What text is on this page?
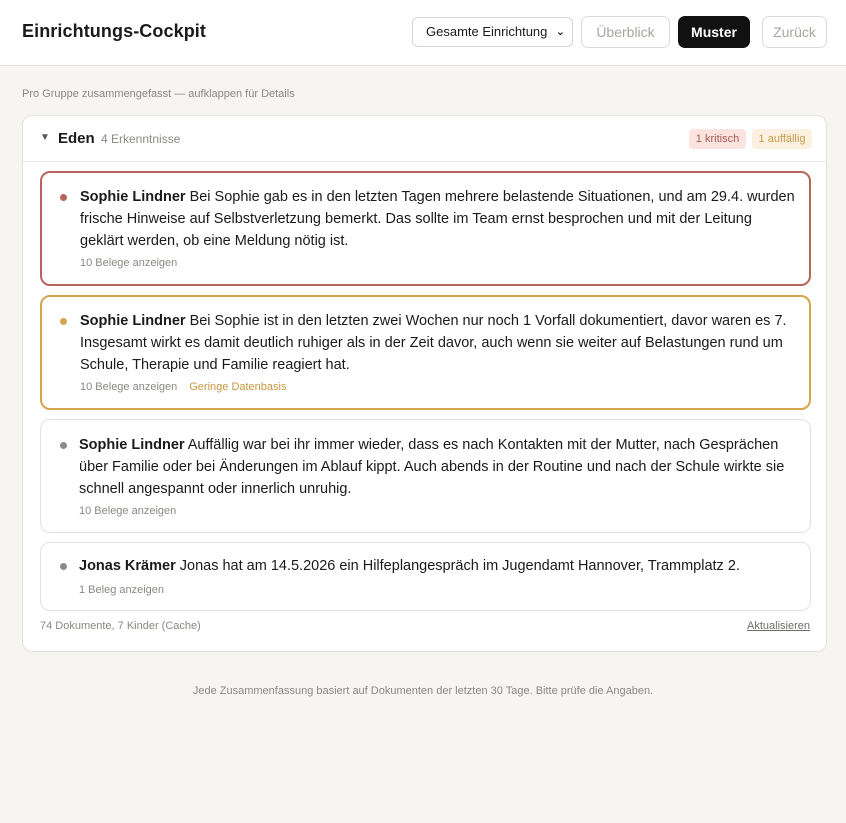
Einrichtungs-Cockpit	Gesamte Einrichtung ⌄	Überblick	Muster	Zurück
Pro Gruppe zusammengefasst — aufklappen für Details
▼ Eden 4 Erkenntnisse	1 kritisch	1 auffällig
Sophie Lindner Bei Sophie gab es in den letzten Tagen mehrere belastende Situationen, und am 29.4. wurden frische Hinweise auf Selbstverletzung bemerkt. Das sollte im Team ernst besprochen und mit der Leitung geklärt werden, ob eine Meldung nötig ist.
10 Belege anzeigen
Sophie Lindner Bei Sophie ist in den letzten zwei Wochen nur noch 1 Vorfall dokumentiert, davor waren es 7. Insgesamt wirkt es damit deutlich ruhiger als in der Zeit davor, auch wenn sie weiter auf Belastungen rund um Schule, Therapie und Familie reagiert hat.
10 Belege anzeigen Geringe Datenbasis
Sophie Lindner Auffällig war bei ihr immer wieder, dass es nach Kontakten mit der Mutter, nach Gesprächen über Familie oder bei Änderungen im Ablauf kippt. Auch abends in der Routine und nach der Schule wirkte sie schnell angespannt oder innerlich unruhig.
10 Belege anzeigen
Jonas Krämer Jonas hat am 14.5.2026 ein Hilfeplangespräch im Jugendamt Hannover, Trammplatz 2.
1 Beleg anzeigen
74 Dokumente, 7 Kinder (Cache)	Aktualisieren
Jede Zusammenfassung basiert auf Dokumenten der letzten 30 Tage. Bitte prüfe die Angaben.
